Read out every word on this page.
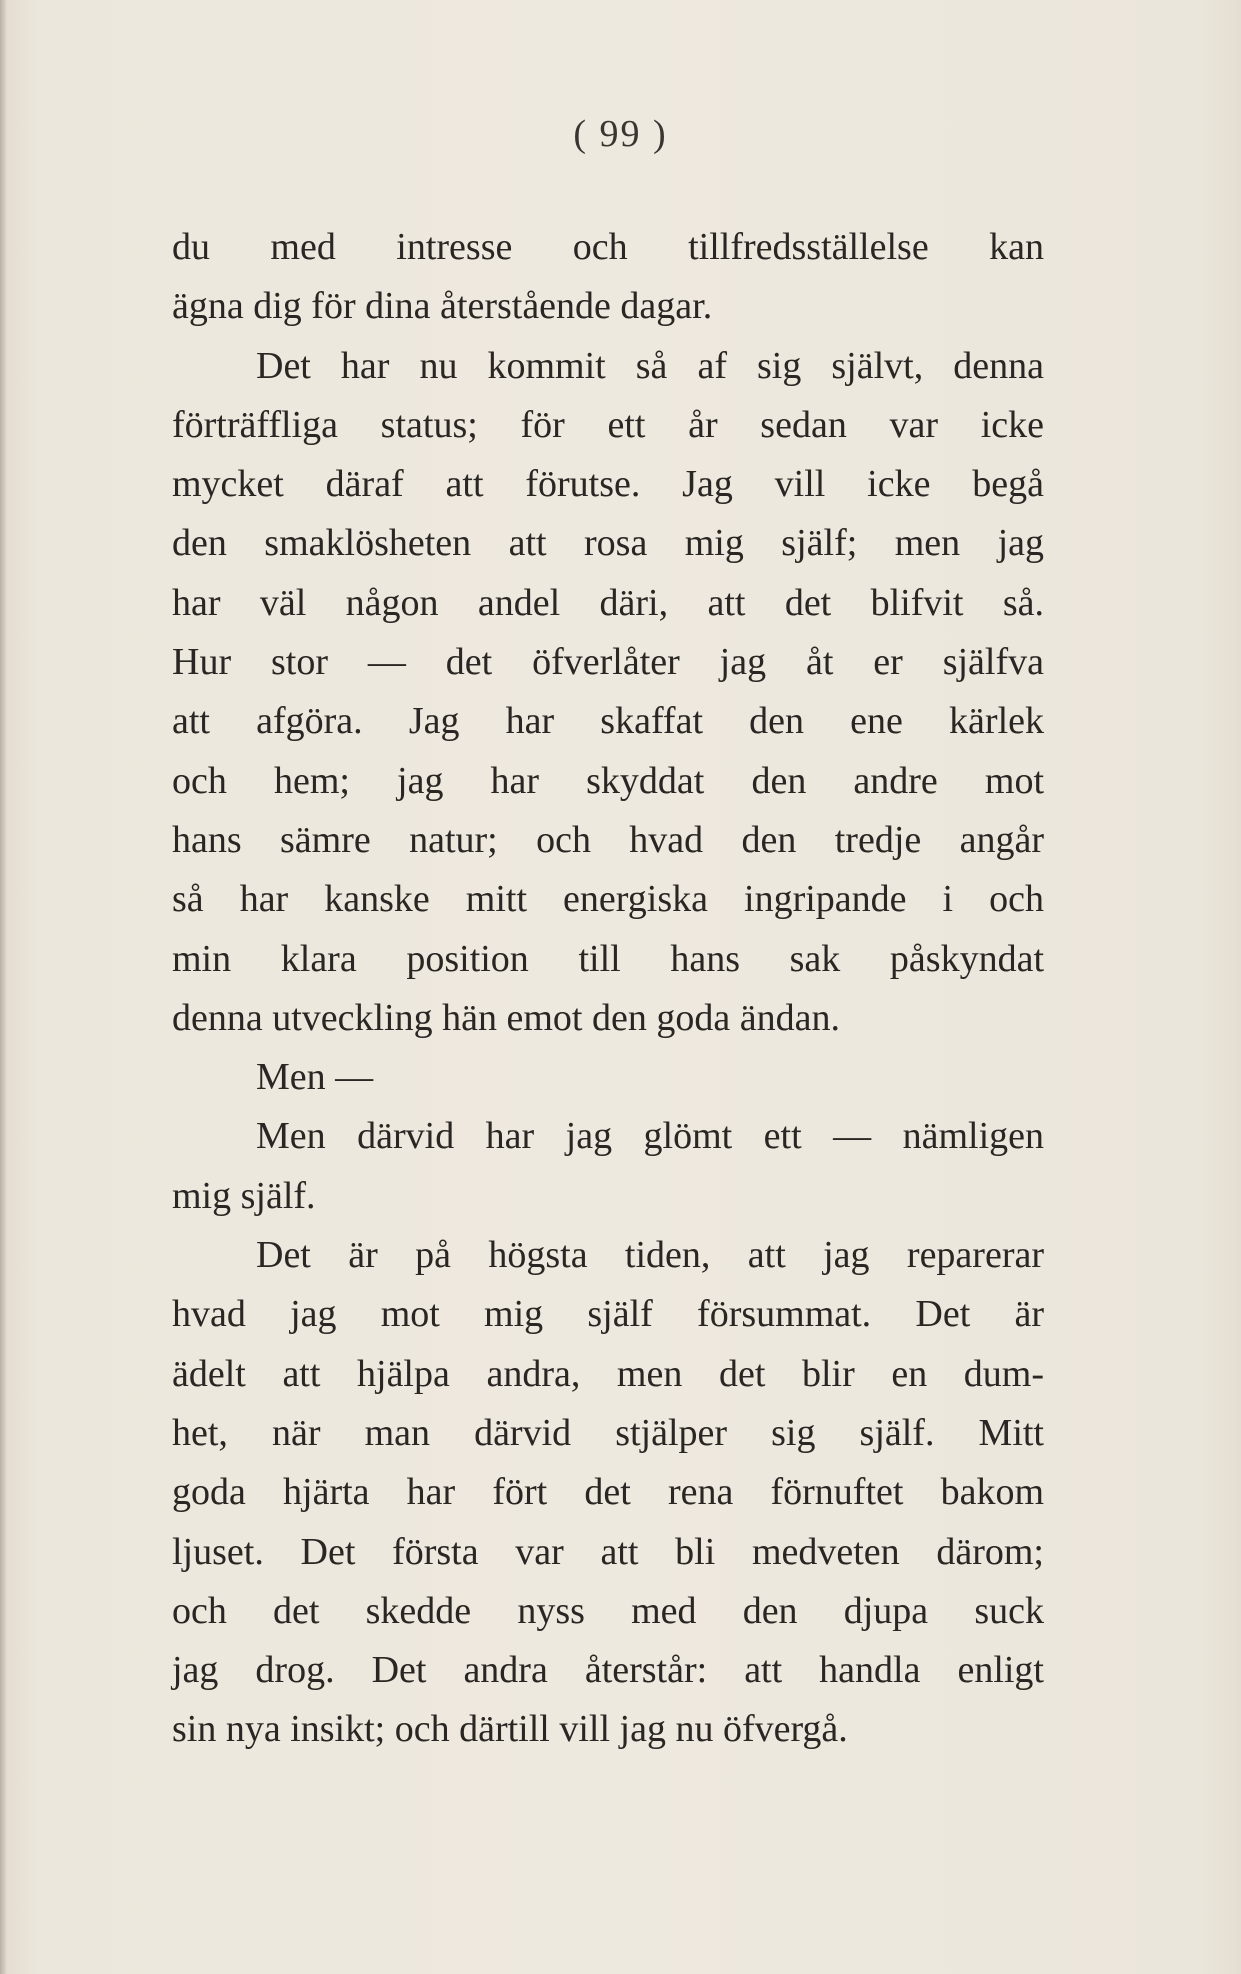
( 99 )
du med intresse och tillfredsställelse kan
ägna dig för dina återstående dagar.
Det har nu kommit så af sig självt, denna
förträffliga status; för ett år sedan var icke
mycket däraf att förutse. Jag vill icke begå
den smaklösheten att rosa mig själf; men jag
har väl någon andel däri, att det blifvit så.
Hur stor — det öfverlåter jag åt er själfva
att afgöra. Jag har skaffat den ene kärlek
och hem; jag har skyddat den andre mot
hans sämre natur; och hvad den tredje angår
så har kanske mitt energiska ingripande i och
min klara position till hans sak påskyndat
denna utveckling hän emot den goda ändan.
Men —
Men därvid har jag glömt ett — nämligen
mig själf.
Det är på högsta tiden, att jag reparerar
hvad jag mot mig själf försummat. Det är
ädelt att hjälpa andra, men det blir en dum-
het, när man därvid stjälper sig själf. Mitt
goda hjärta har fört det rena förnuftet bakom
ljuset. Det första var att bli medveten därom;
och det skedde nyss med den djupa suck
jag drog. Det andra återstår: att handla enligt
sin nya insikt; och därtill vill jag nu öfvergå.
